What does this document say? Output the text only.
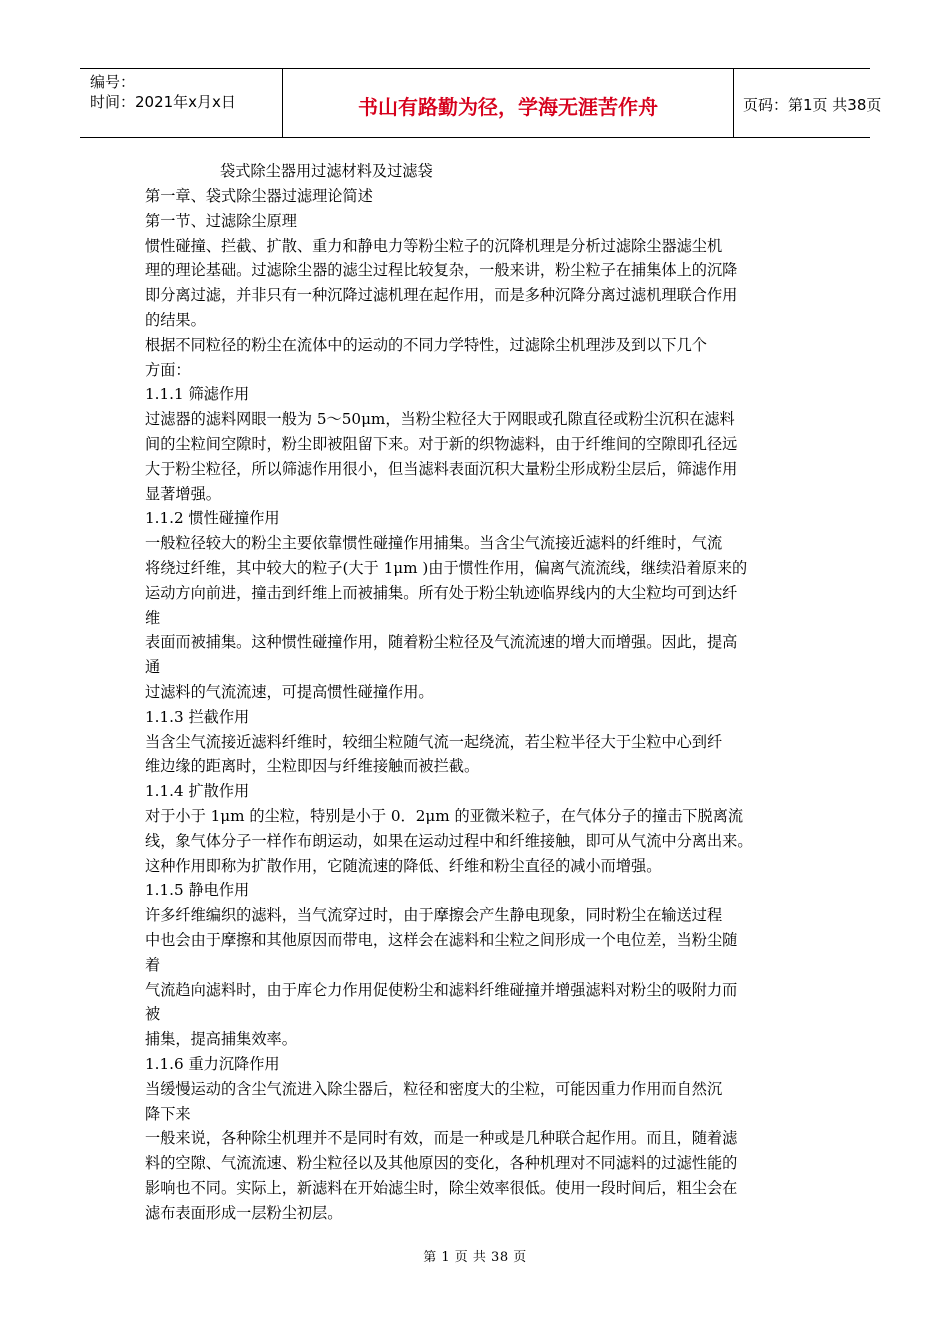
编号：
时间：2021年x月x日	书山有路勤为径，学海无涯苦作舟	页码：第1页 共38页
袋式除尘器用过滤材料及过滤袋
第一章、袋式除尘器过滤理论简述
第一节、过滤除尘原理
惯性碰撞、拦截、扩散、重力和静电力等粉尘粒子的沉降机理是分析过滤除尘器滤尘机
理的理论基础。过滤除尘器的滤尘过程比较复杂，一般来讲，粉尘粒子在捕集体上的沉降
即分离过滤，并非只有一种沉降过滤机理在起作用，而是多种沉降分离过滤机理联合作用
的结果。
根据不同粒径的粉尘在流体中的运动的不同力学特性，过滤除尘机理涉及到以下几个
方面：
1.1.1 筛滤作用
过滤器的滤料网眼一般为 5～50μm，当粉尘粒径大于网眼或孔隙直径或粉尘沉积在滤料
间的尘粒间空隙时，粉尘即被阻留下来。对于新的织物滤料，由于纤维间的空隙即孔径远
大于粉尘粒径，所以筛滤作用很小，但当滤料表面沉积大量粉尘形成粉尘层后，筛滤作用
显著增强。
1.1.2 惯性碰撞作用
一般粒径较大的粉尘主要依靠惯性碰撞作用捕集。当含尘气流接近滤料的纤维时，气流
将绕过纤维，其中较大的粒子(大于 1μm )由于惯性作用，偏离气流流线，继续沿着原来的
运动方向前进，撞击到纤维上而被捕集。所有处于粉尘轨迹临界线内的大尘粒均可到达纤
维
表面而被捕集。这种惯性碰撞作用，随着粉尘粒径及气流流速的增大而增强。因此，提高
通
过滤料的气流流速，可提高惯性碰撞作用。
1.1.3 拦截作用
当含尘气流接近滤料纤维时，较细尘粒随气流一起绕流，若尘粒半径大于尘粒中心到纤
维边缘的距离时，尘粒即因与纤维接触而被拦截。
1.1.4 扩散作用
对于小于 1μm 的尘粒，特别是小于 0．2μm 的亚微米粒子，在气体分子的撞击下脱离流
线，象气体分子一样作布朗运动，如果在运动过程中和纤维接触，即可从气流中分离出来。
这种作用即称为扩散作用，它随流速的降低、纤维和粉尘直径的减小而增强。
1.1.5 静电作用
许多纤维编织的滤料，当气流穿过时，由于摩擦会产生静电现象，同时粉尘在输送过程
中也会由于摩擦和其他原因而带电，这样会在滤料和尘粒之间形成一个电位差，当粉尘随
着
气流趋向滤料时，由于库仑力作用促使粉尘和滤料纤维碰撞并增强滤料对粉尘的吸附力而
被
捕集，提高捕集效率。
1.1.6 重力沉降作用
当缓慢运动的含尘气流进入除尘器后，粒径和密度大的尘粒，可能因重力作用而自然沉
降下来
一般来说，各种除尘机理并不是同时有效，而是一种或是几种联合起作用。而且，随着滤
料的空隙、气流流速、粉尘粒径以及其他原因的变化，各种机理对不同滤料的过滤性能的
影响也不同。实际上，新滤料在开始滤尘时，除尘效率很低。使用一段时间后，粗尘会在
滤布表面形成一层粉尘初层。
第 1 页 共 38 页
